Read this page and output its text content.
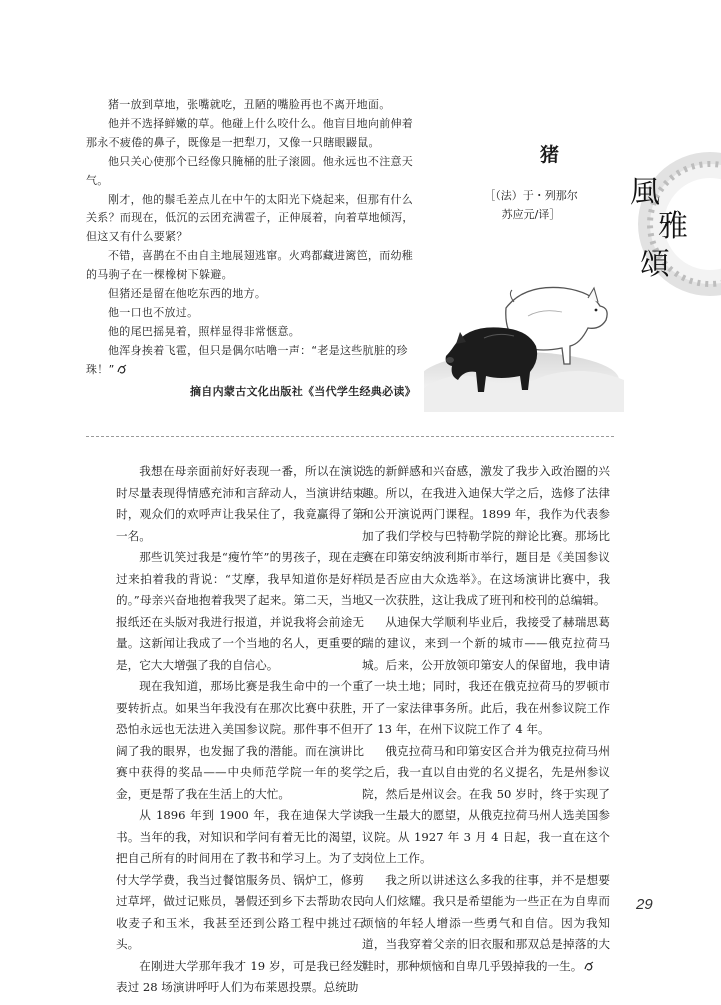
猪一放到草地，张嘴就吃，丑陋的嘴脸再也不离开地面。

他并不选择鲜嫩的草。他碰上什么咬什么。他盲目地向前伸着那永不疲倦的鼻子，既像是一把犁刀，又像一只瞎眼鼹鼠。

他只关心使那个已经像只腌桶的肚子滚圆。他永远也不注意天气。

刚才，他的鬃毛差点儿在中午的太阳光下烧起来，但那有什么关系？而现在，低沉的云团充满雹子，正伸展着，向着草地倾泻，但这又有什么要紧？

不错，喜鹊在不由自主地展翅逃窜。火鸡都藏进篱笆，而幼稚的马驹子在一棵橡树下躲避。

但猪还是留在他吃东西的地方。

他一口也不放过。

他的尾巴摇晃着，照样显得非常惬意。

他浑身挨着飞雹，但只是偶尔咕噜一声：“老是这些肮脏的珍珠！”

摘自内蒙古文化出版社《当代学生经典必读》

猪
［（法）于・列那尔
苏应元/译］
風
雅
頌

我想在母亲面前好好表现一番，所以在演说时尽量表现得情感充沛和言辞动人，当演讲结束时，观众们的欢呼声让我呆住了，我竟赢得了第一名。

那些讥笑过我是“瘦竹竿”的男孩子，现在走过来拍着我的背说：“艾摩，我早知道你是好样的。”母亲兴奋地抱着我哭了起来。第二天，当地报纸还在头版对我进行报道，并说我将会前途无量。这新闻让我成了一个当地的名人，更重要的是，它大大增强了我的自信心。

现在我知道，那场比赛是我生命中的一个重要转折点。如果当年我没有在那次比赛中获胜，恐怕永远也无法进入美国参议院。那件事不但开阔了我的眼界，也发掘了我的潜能。而在演讲比赛中获得的奖品——中央师范学院一年的奖学金，更是帮了我在生活上的大忙。

从 1896 年到 1900 年，我在迪保大学读书。当年的我，对知识和学问有着无比的渴望，把自己所有的时间用在了教书和学习上。为了支付大学学费，我当过餐馆服务员、锅炉工，修剪过草坪，做过记账员，暑假还到乡下去帮助农民收麦子和玉米，我甚至还到公路工程中挑过石头。

在刚进大学那年我才 19 岁，可是我已经发表过 28 场演讲呼吁人们为布莱恩投票。总统助

选的新鲜感和兴奋感，激发了我步入政治圈的兴趣。所以，在我进入迪保大学之后，选修了法律和公开演说两门课程。1899 年，我作为代表参加了我们学校与巴特勒学院的辩论比赛。那场比赛在印第安纳波利斯市举行，题目是《美国参议员是否应由大众选举》。在这场演讲比赛中，我又一次获胜，这让我成了班刊和校刊的总编辑。

从迪保大学顺利毕业后，我接受了赫瑞思葛瑞的建议，来到一个新的城市——俄克拉荷马城。后来，公开放领印第安人的保留地，我申请了一块土地；同时，我还在俄克拉荷马的罗顿市开了一家法律事务所。此后，我在州参议院工作了 13 年，在州下议院工作了 4 年。

俄克拉荷马和印第安区合并为俄克拉荷马州之后，我一直以自由党的名义提名，先是州参议院，然后是州议会。在我 50 岁时，终于实现了我一生最大的愿望，从俄克拉荷马州人选美国参议院。从 1927 年 3 月 4 日起，我一直在这个岗位上工作。

我之所以讲述这么多我的往事，并不是想要向人们炫耀。我只是希望能为一些正在为自卑而烦恼的年轻人增添一些勇气和自信。因为我知道，当我穿着父亲的旧衣服和那双总是掉落的大鞋时，那种烦恼和自卑几乎毁掉我的一生。

29
